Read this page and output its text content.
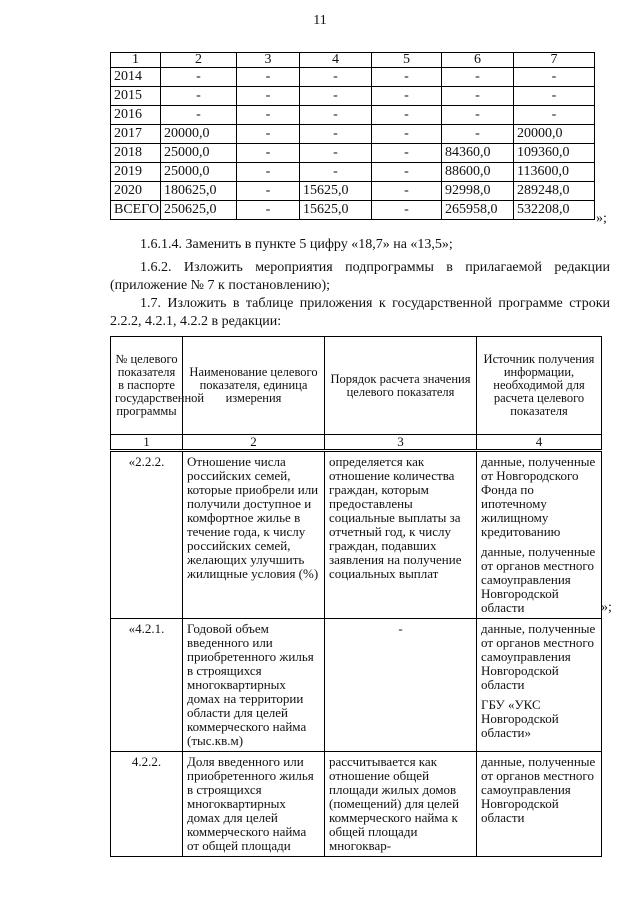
11
1	2	3	4	5	6	7
2014	-	-	-	-	-	-
2015	-	-	-	-	-	-
2016	-	-	-	-	-	-
2017	20000,0	-	-	-	-	20000,0
2018	25000,0	-	-	-	84360,0	109360,0
2019	25000,0	-	-	-	88600,0	113600,0
2020	180625,0	-	15625,0	-	92998,0	289248,0
ВСЕГО	250625,0	-	15625,0	-	265958,0	532208,0
»;
1.6.1.4. Заменить в пункте 5 цифру «18,7» на «13,5»;
1.6.2. Изложить мероприятия подпрограммы в прилагаемой редакции (приложение № 7 к постановлению);
1.7. Изложить в таблице приложения к государственной программе строки 2.2.2, 4.2.1, 4.2.2 в редакции:
№ целевого показателя в паспорте государственной программы	Наименование целевого показателя, единица измерения	Порядок расчета значения целевого показателя	Источник получения информации, необходимой для расчета целевого показателя
1	2	3	4
«2.2.2.	Отношение числа российских семей, которые приобрели или получили доступное и комфортное жилье в течение года, к числу российских семей, желающих улучшить жилищные условия (%)	определяется как отношение количества граждан, которым предоставлены социальные выплаты за отчетный год, к числу граждан, подавших заявления на получение социальных выплат	данные, полученные от Новгородского Фонда по ипотечному жилищному кредитованию
данные, полученные от органов местного самоуправления Новгородской области

«4.2.1.	Годовой объем введенного или приобретенного жилья в строящихся многоквартирных домах на территории области для целей коммерческого найма (тыс.кв.м)	-	данные, полученные от органов местного самоуправления Новгородской области
ГБУ «УКС Новгородской области»

4.2.2.	Доля введенного или приобретенного жилья в строящихся многоквартирных домах для целей коммерческого найма от общей площади	рассчитывается как отношение общей площади жилых домов (помещений) для целей коммерческого найма к общей площади многоквар-	данные, полученные от органов местного самоуправления Новгородской области
»;
